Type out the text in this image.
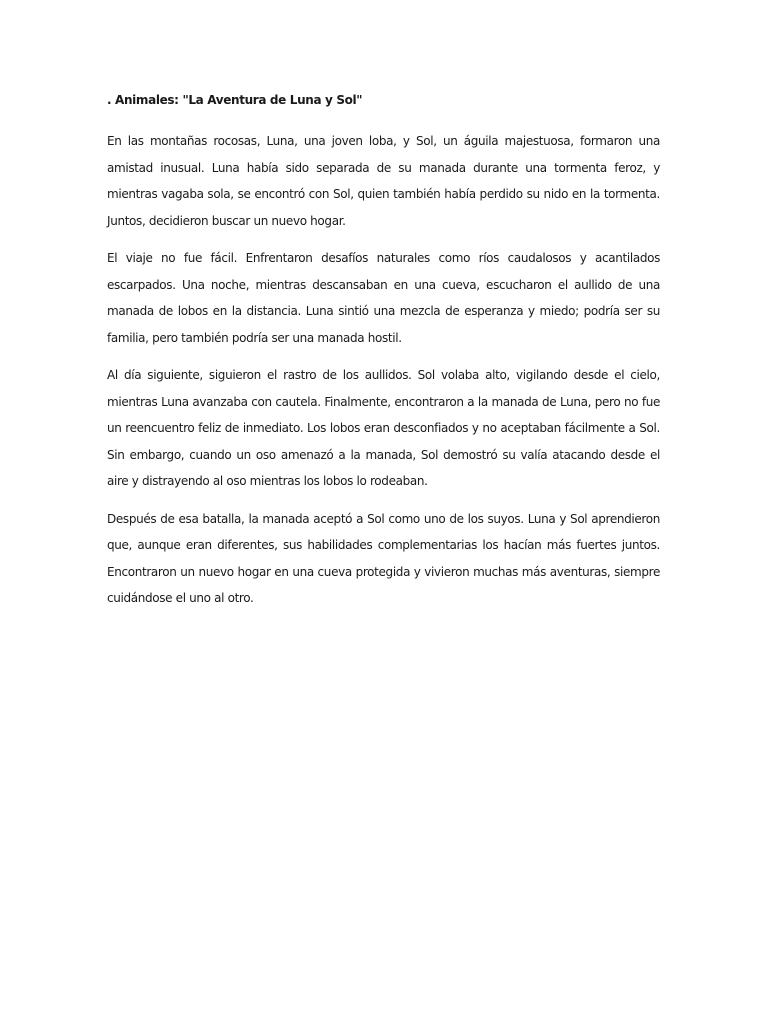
. Animales: "La Aventura de Luna y Sol"

En las montañas rocosas, Luna, una joven loba, y Sol, un águila majestuosa, formaron una amistad inusual. Luna había sido separada de su manada durante una tormenta feroz, y mientras vagaba sola, se encontró con Sol, quien también había perdido su nido en la tormenta. Juntos, decidieron buscar un nuevo hogar.

El viaje no fue fácil. Enfrentaron desafíos naturales como ríos caudalosos y acantilados escarpados. Una noche, mientras descansaban en una cueva, escucharon el aullido de una manada de lobos en la distancia. Luna sintió una mezcla de esperanza y miedo; podría ser su familia, pero también podría ser una manada hostil.

Al día siguiente, siguieron el rastro de los aullidos. Sol volaba alto, vigilando desde el cielo, mientras Luna avanzaba con cautela. Finalmente, encontraron a la manada de Luna, pero no fue un reencuentro feliz de inmediato. Los lobos eran desconfiados y no aceptaban fácilmente a Sol. Sin embargo, cuando un oso amenazó a la manada, Sol demostró su valía atacando desde el aire y distrayendo al oso mientras los lobos lo rodeaban.

Después de esa batalla, la manada aceptó a Sol como uno de los suyos. Luna y Sol aprendieron que, aunque eran diferentes, sus habilidades complementarias los hacían más fuertes juntos. Encontraron un nuevo hogar en una cueva protegida y vivieron muchas más aventuras, siempre cuidándose el uno al otro.
